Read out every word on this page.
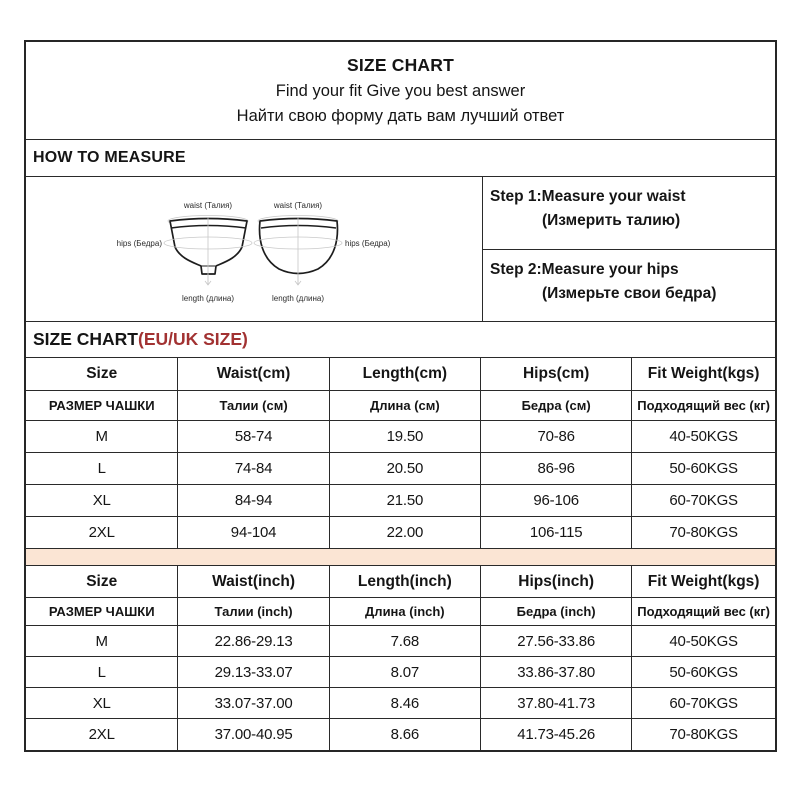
SIZE CHART
Find your fit Give you best answer
Найти свою форму дать вам лучший ответ
HOW TO MEASURE
waist (Талия)	waist (Талия)
hips (Бедра)	hips (Бедра)
length (длина)	length (длина)
Step 1:Measure your waist
(Измерить талию)
Step 2:Measure your hips
(Измерьте свои бедра)
SIZE CHART (EU/UK SIZE)
Size	Waist(cm)	Length(cm)	Hips(cm)	Fit Weight(kgs)
РАЗМЕР ЧАШКИ	Талии (см)	Длина (см)	Бедра (см)	Подходящий вес (кг)
M	58-74	19.50	70-86	40-50KGS
L	74-84	20.50	86-96	50-60KGS
XL	84-94	21.50	96-106	60-70KGS
2XL	94-104	22.00	106-115	70-80KGS
Size	Waist(inch)	Length(inch)	Hips(inch)	Fit Weight(kgs)
РАЗМЕР ЧАШКИ	Талии (inch)	Длина (inch)	Бедра (inch)	Подходящий вес (кг)
M	22.86-29.13	7.68	27.56-33.86	40-50KGS
L	29.13-33.07	8.07	33.86-37.80	50-60KGS
XL	33.07-37.00	8.46	37.80-41.73	60-70KGS
2XL	37.00-40.95	8.66	41.73-45.26	70-80KGS
